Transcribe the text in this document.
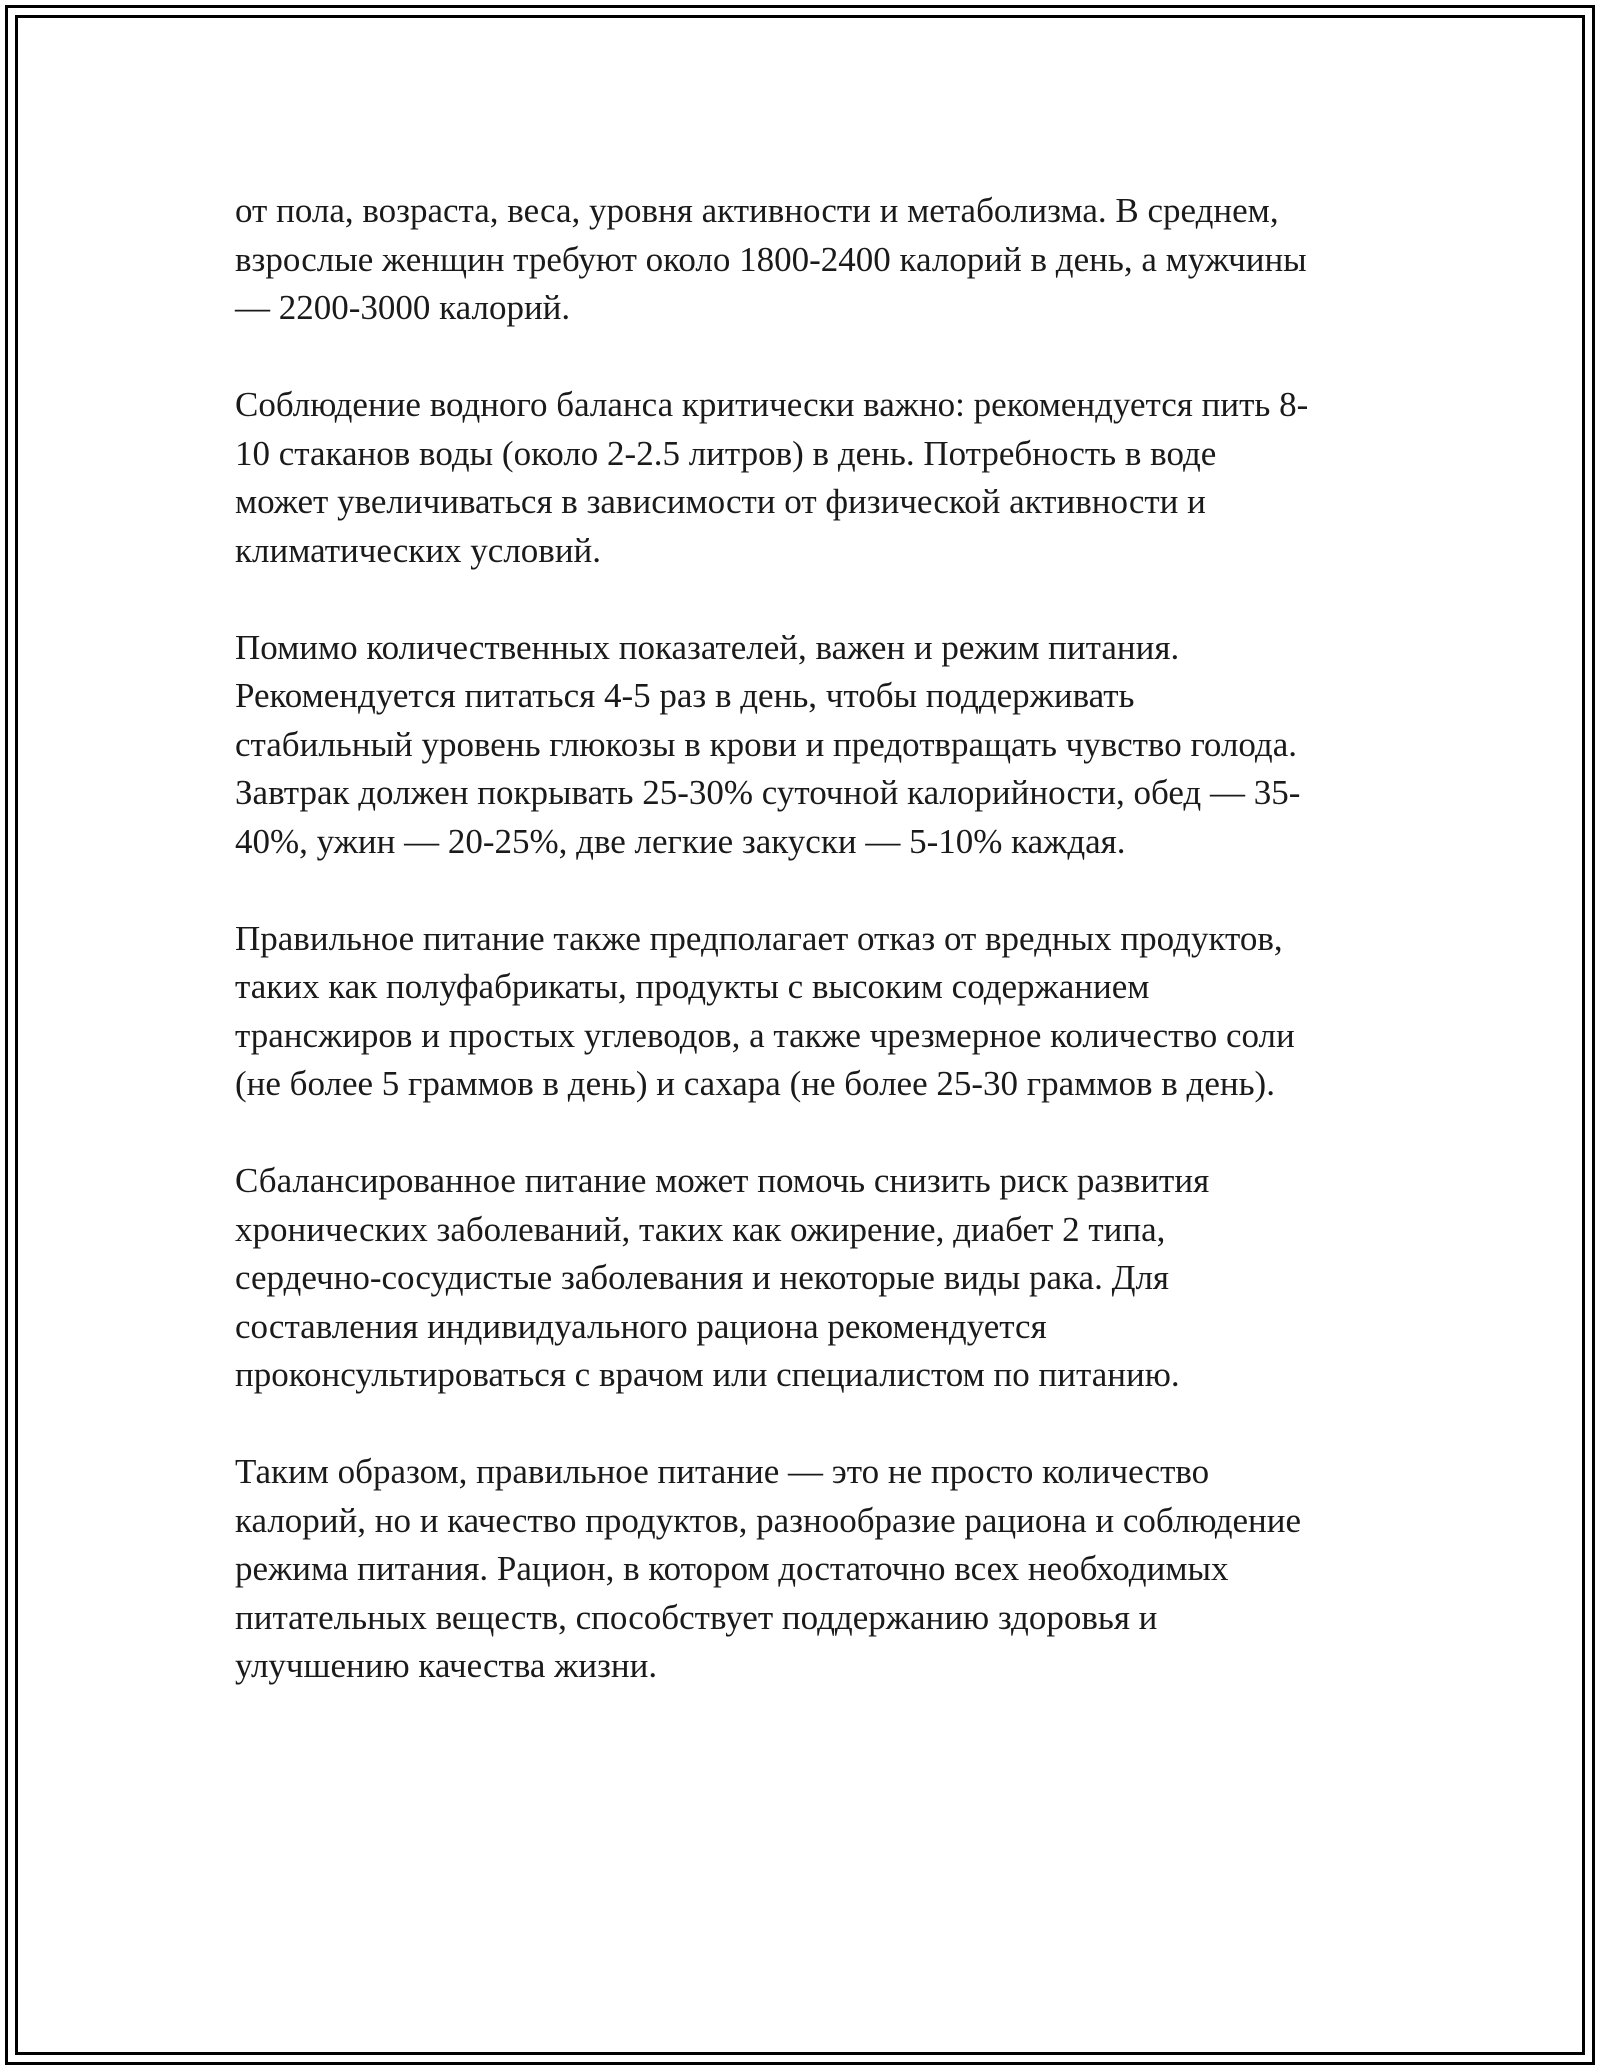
от пола, возраста, веса, уровня активности и метаболизма. В среднем,
взрослые женщин требуют около 1800-2400 калорий в день, а мужчины
— 2200-3000 калорий.
Соблюдение водного баланса критически важно: рекомендуется пить 8-
10 стаканов воды (около 2-2.5 литров) в день. Потребность в воде
может увеличиваться в зависимости от физической активности и
климатических условий.
Помимо количественных показателей, важен и режим питания.
Рекомендуется питаться 4-5 раз в день, чтобы поддерживать
стабильный уровень глюкозы в крови и предотвращать чувство голода.
Завтрак должен покрывать 25-30% суточной калорийности, обед — 35-
40%, ужин — 20-25%, две легкие закуски — 5-10% каждая.
Правильное питание также предполагает отказ от вредных продуктов,
таких как полуфабрикаты, продукты с высоким содержанием
трансжиров и простых углеводов, а также чрезмерное количество соли
(не более 5 граммов в день) и сахара (не более 25-30 граммов в день).
Сбалансированное питание может помочь снизить риск развития
хронических заболеваний, таких как ожирение, диабет 2 типа,
сердечно-сосудистые заболевания и некоторые виды рака. Для
составления индивидуального рациона рекомендуется
проконсультироваться с врачом или специалистом по питанию.
Таким образом, правильное питание — это не просто количество
калорий, но и качество продуктов, разнообразие рациона и соблюдение
режима питания. Рацион, в котором достаточно всех необходимых
питательных веществ, способствует поддержанию здоровья и
улучшению качества жизни.
